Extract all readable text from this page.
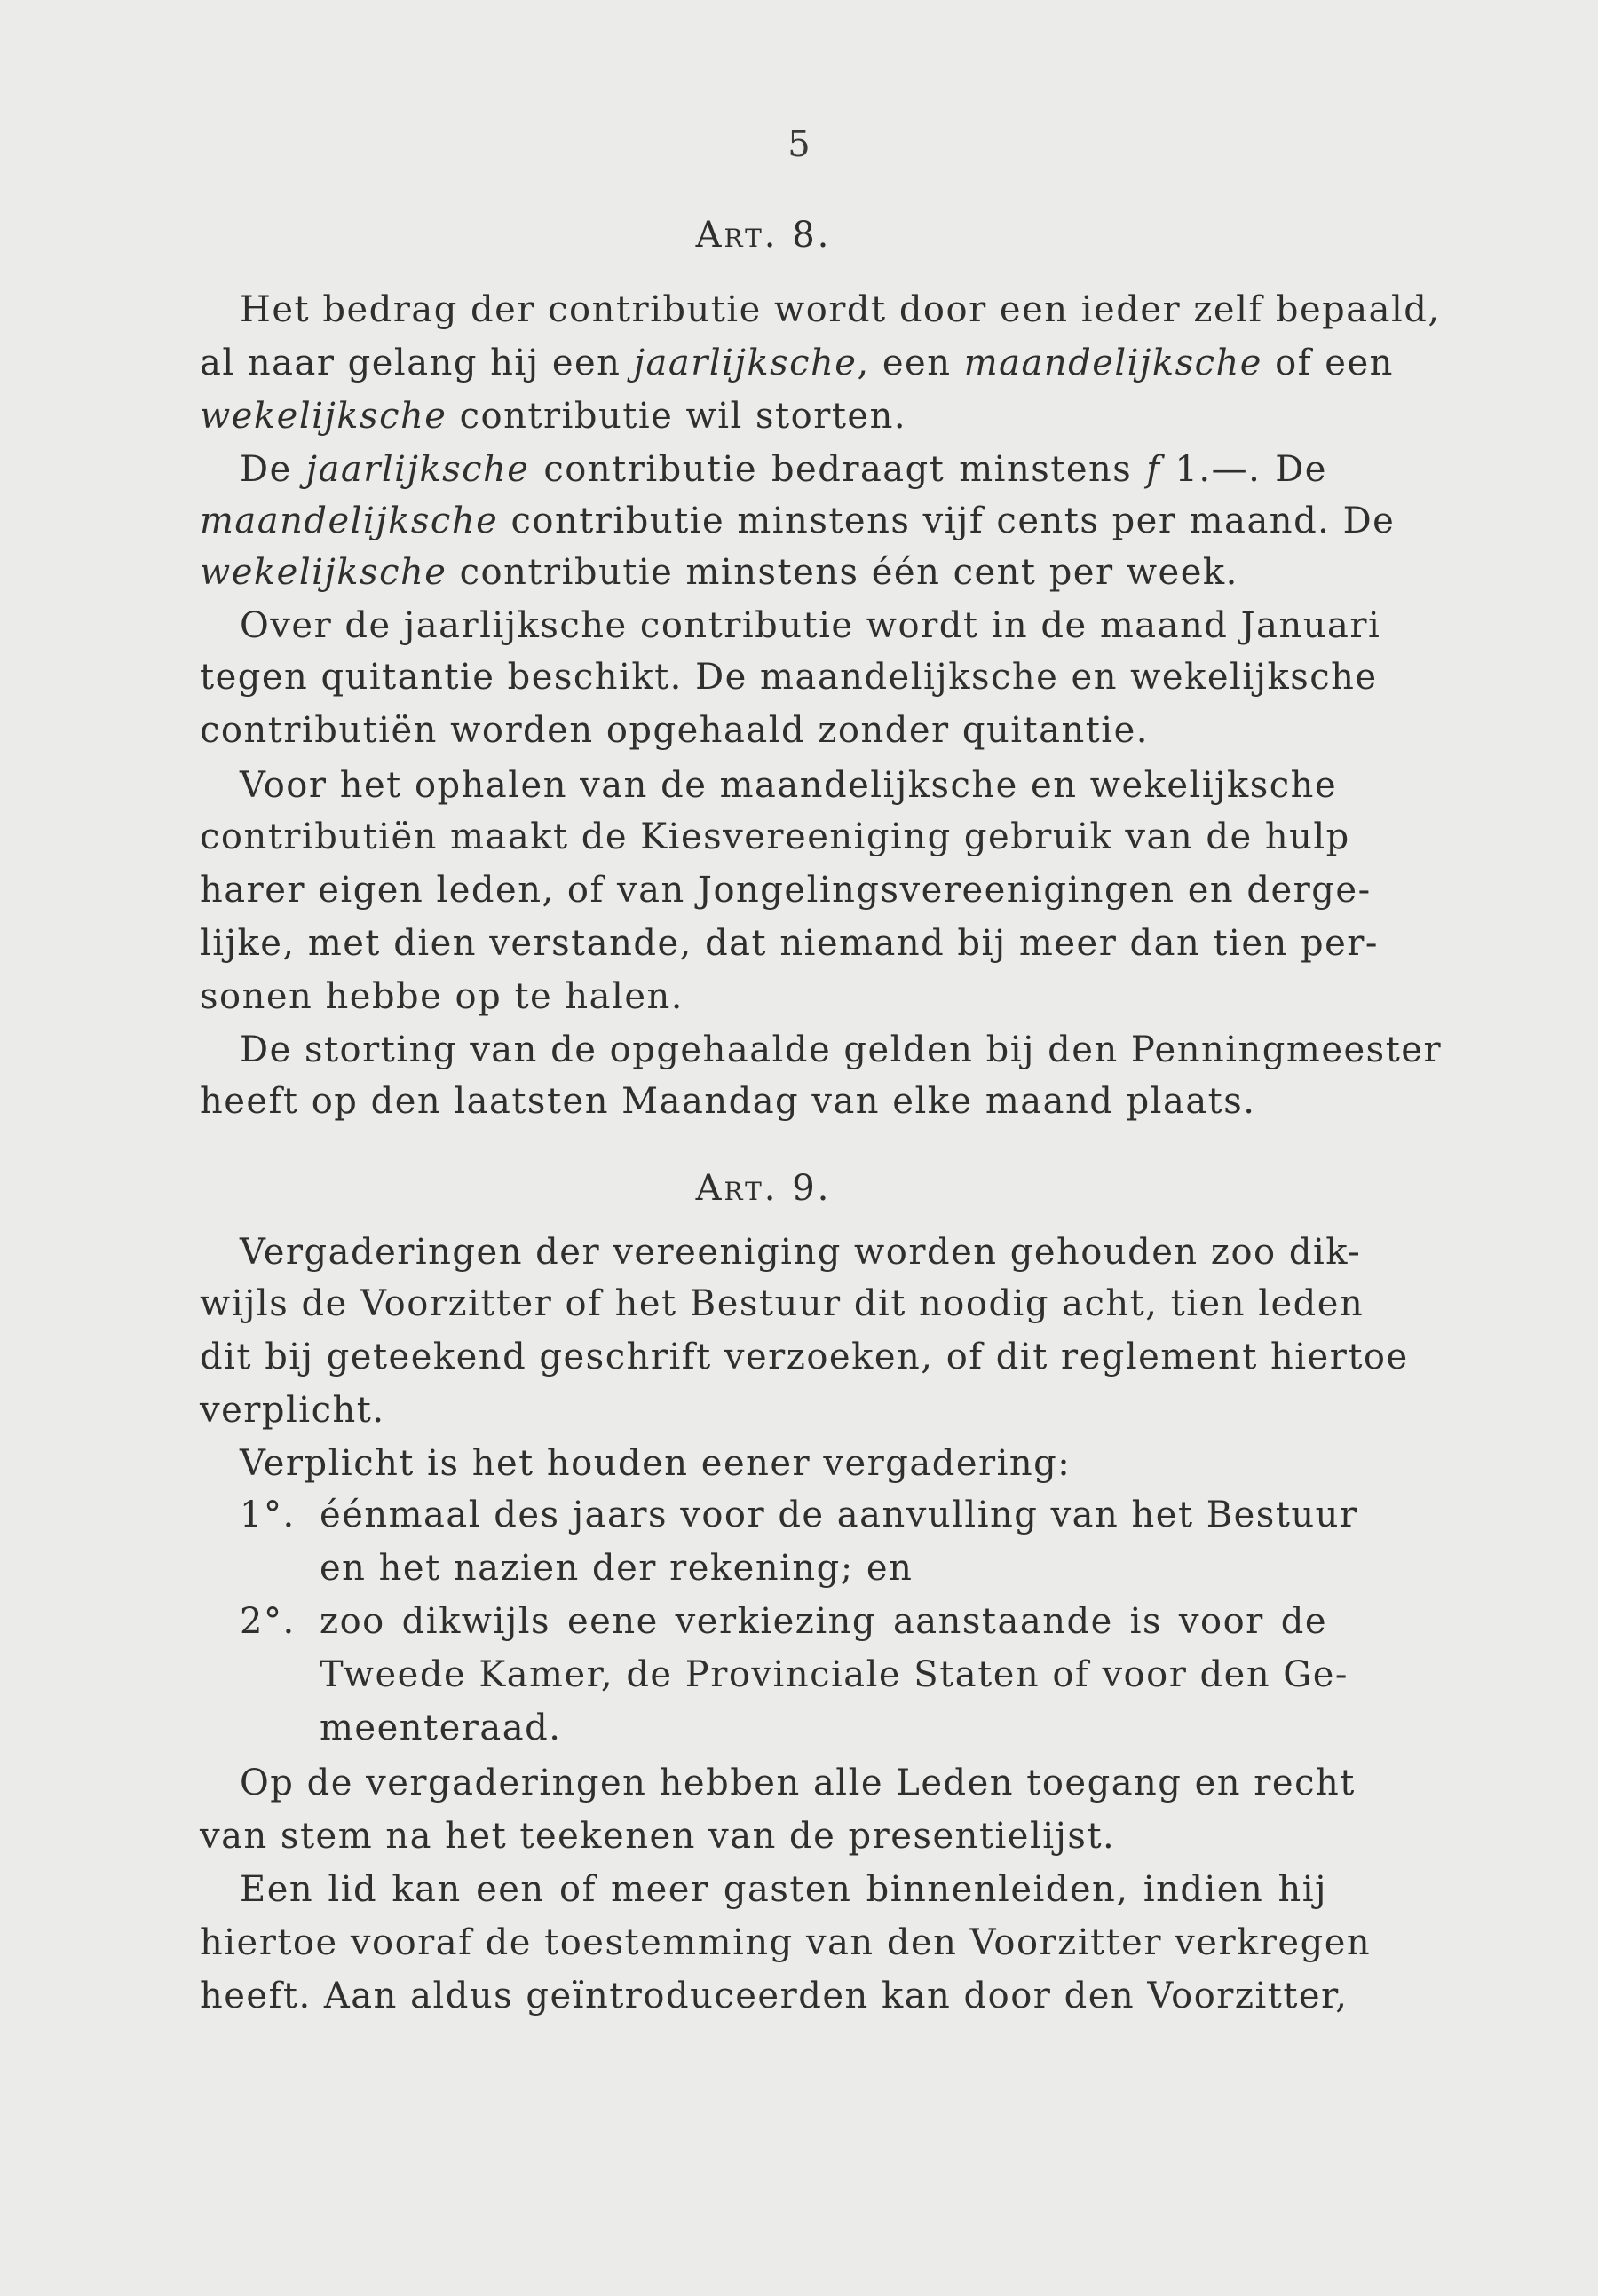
5
Art. 8.
Het bedrag der contributie wordt door een ieder zelf bepaald,
al naar gelang hij een jaarlijksche, een maandelijksche of een
wekelijksche contributie wil storten.
De jaarlijksche contributie bedraagt minstens f 1.—. De
maandelijksche contributie minstens vijf cents per maand. De
wekelijksche contributie minstens één cent per week.
Over de jaarlijksche contributie wordt in de maand Januari
tegen quitantie beschikt. De maandelijksche en wekelijksche
contributiën worden opgehaald zonder quitantie.
Voor het ophalen van de maandelijksche en wekelijksche
contributiën maakt de Kiesvereeniging gebruik van de hulp
harer eigen leden, of van Jongelingsvereenigingen en derge-
lijke, met dien verstande, dat niemand bij meer dan tien per-
sonen hebbe op te halen.
De storting van de opgehaalde gelden bij den Penningmeester
heeft op den laatsten Maandag van elke maand plaats.
Art. 9.
Vergaderingen der vereeniging worden gehouden zoo dik-
wijls de Voorzitter of het Bestuur dit noodig acht, tien leden
dit bij geteekend geschrift verzoeken, of dit reglement hiertoe
verplicht.
Verplicht is het houden eener vergadering:
1°. éénmaal des jaars voor de aanvulling van het Bestuur
en het nazien der rekening; en
2°. zoo dikwijls eene verkiezing aanstaande is voor de
Tweede Kamer, de Provinciale Staten of voor den Ge-
meenteraad.
Op de vergaderingen hebben alle Leden toegang en recht
van stem na het teekenen van de presentielijst.
Een lid kan een of meer gasten binnenleiden, indien hij
hiertoe vooraf de toestemming van den Voorzitter verkregen
heeft. Aan aldus geïntroduceerden kan door den Voorzitter,
